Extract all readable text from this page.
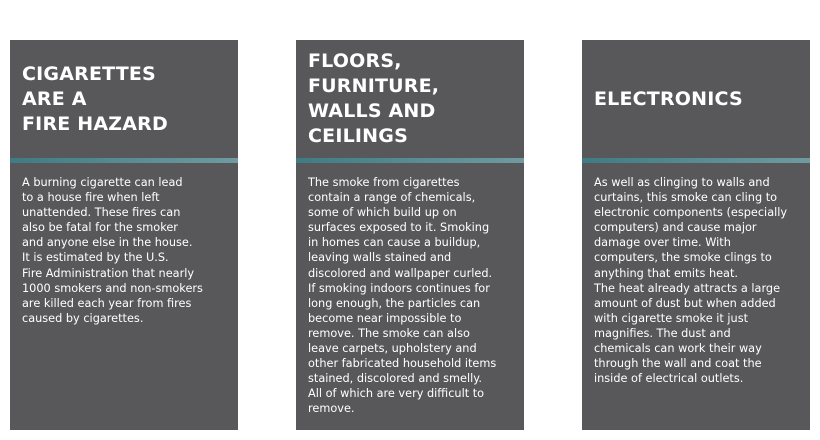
CIGARETTES
ARE A
FIRE HAZARD
A burning cigarette can lead
to a house fire when left
unattended. These fires can
also be fatal for the smoker
and anyone else in the house.
It is estimated by the U.S.
Fire Administration that nearly
1000 smokers and non-smokers
are killed each year from fires
caused by cigarettes.
FLOORS,
FURNITURE,
WALLS AND
CEILINGS
The smoke from cigarettes
contain a range of chemicals,
some of which build up on
surfaces exposed to it. Smoking
in homes can cause a buildup,
leaving walls stained and
discolored and wallpaper curled.
If smoking indoors continues for
long enough, the particles can
become near impossible to
remove. The smoke can also
leave carpets, upholstery and
other fabricated household items
stained, discolored and smelly.
All of which are very difficult to
remove.
ELECTRONICS
As well as clinging to walls and
curtains, this smoke can cling to
electronic components (especially
computers) and cause major
damage over time. With
computers, the smoke clings to
anything that emits heat.
The heat already attracts a large
amount of dust but when added
with cigarette smoke it just
magnifies. The dust and
chemicals can work their way
through the wall and coat the
inside of electrical outlets.
